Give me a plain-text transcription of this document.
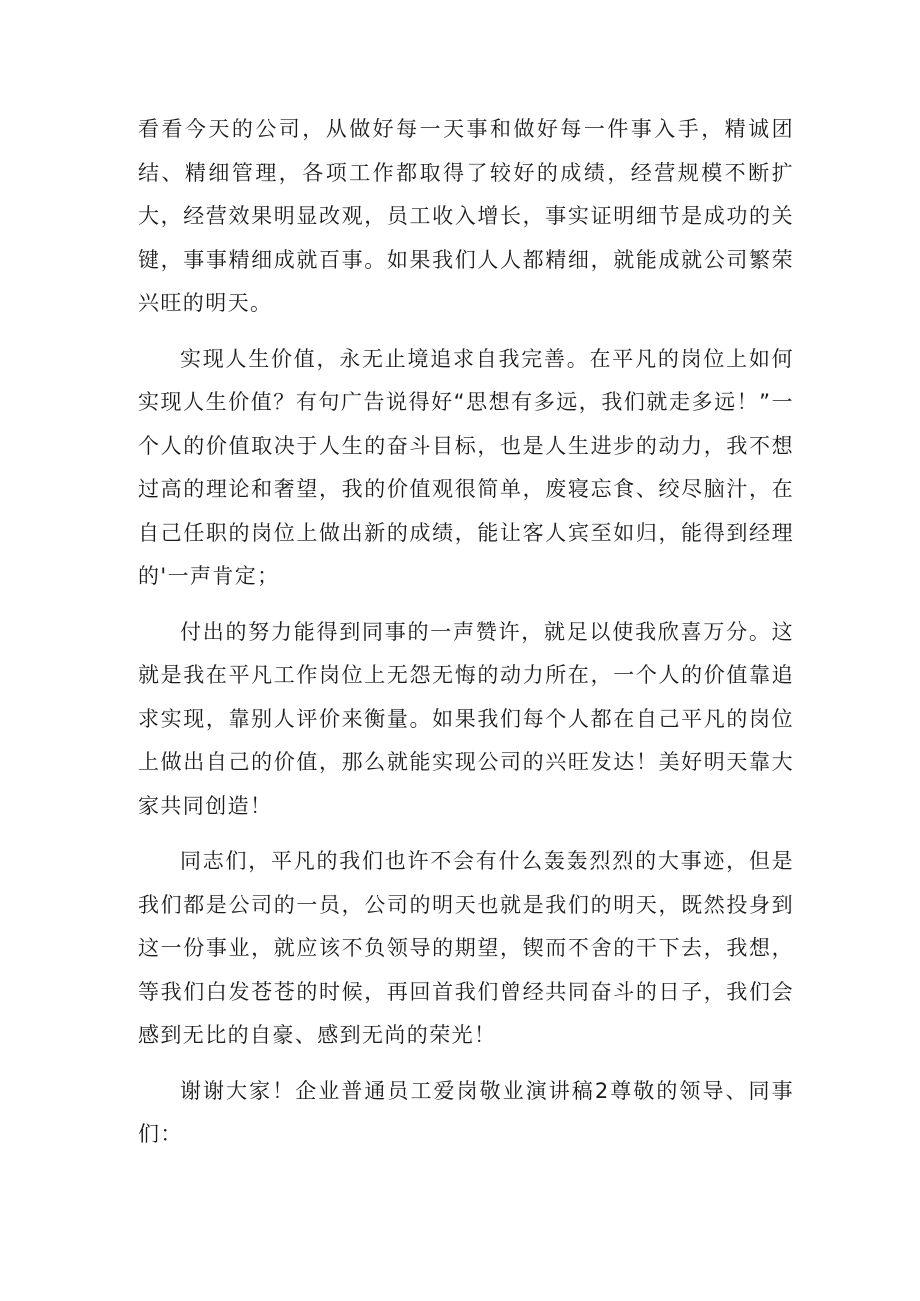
看看今天的公司，从做好每一天事和做好每一件事入手，精诚团结、精细管理，各项工作都取得了较好的成绩，经营规模不断扩大，经营效果明显改观，员工收入增长，事实证明细节是成功的关键，事事精细成就百事。如果我们人人都精细，就能成就公司繁荣兴旺的明天。

实现人生价值，永无止境追求自我完善。在平凡的岗位上如何实现人生价值？有句广告说得好“思想有多远，我们就走多远！”一个人的价值取决于人生的奋斗目标，也是人生进步的动力，我不想过高的理论和奢望，我的价值观很简单，废寝忘食、绞尽脑汁，在自己任职的岗位上做出新的成绩，能让客人宾至如归，能得到经理的'一声肯定；

付出的努力能得到同事的一声赞许，就足以使我欣喜万分。这就是我在平凡工作岗位上无怨无悔的动力所在，一个人的价值靠追求实现，靠别人评价来衡量。如果我们每个人都在自己平凡的岗位上做出自己的价值，那么就能实现公司的兴旺发达！美好明天靠大家共同创造！

同志们，平凡的我们也许不会有什么轰轰烈烈的大事迹，但是我们都是公司的一员，公司的明天也就是我们的明天，既然投身到这一份事业，就应该不负领导的期望，锲而不舍的干下去，我想，等我们白发苍苍的时候，再回首我们曾经共同奋斗的日子，我们会感到无比的自豪、感到无尚的荣光！

谢谢大家！企业普通员工爱岗敬业演讲稿2尊敬的领导、同事们：
